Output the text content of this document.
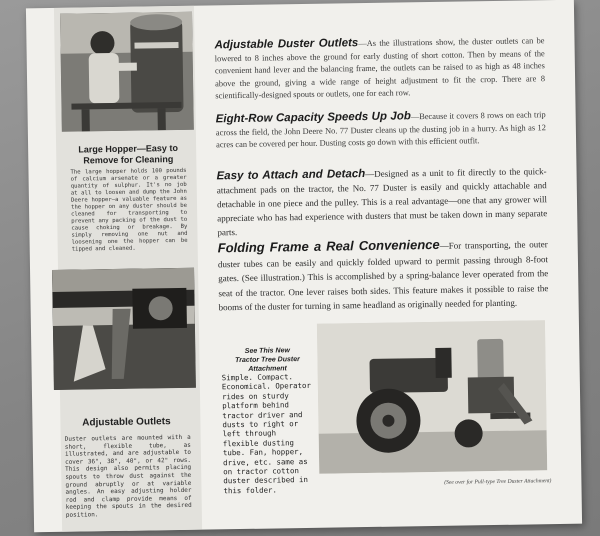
Large Hopper—Easy to
Remove for Cleaning
The large hopper holds 100 pounds of calcium arsenate or a greater quantity of sulphur. It's no job at all to loosen and dump the John Deere hopper—a valuable feature as the hopper on any duster should be cleaned for transporting to prevent any packing of the dust to cause choking or breakage. By simply removing one nut and loosening one the hopper can be tipped and cleaned.
Adjustable Outlets
Duster outlets are mounted with a short, flexible tube, as illustrated, and are adjustable to cover 36", 38", 40", or 42" rows. This design also permits placing spouts to throw dust against the ground abruptly or at variable angles. An easy adjusting holder rod and clamp provide means of keeping the spouts in the desired position.
Adjustable Duster Outlets—As the illustrations show, the duster outlets can be lowered to 8 inches above the ground for early dusting of short cotton. Then by means of the convenient hand lever and the balancing frame, the outlets can be raised to as high as 48 inches above the ground, giving a wide range of height adjustment to fit the crop. There are 8 scientifically-designed spouts or outlets, one for each row.
Eight-Row Capacity Speeds Up Job—Because it covers 8 rows on each trip across the field, the John Deere No. 77 Duster cleans up the dusting job in a hurry. As high as 12 acres can be covered per hour. Dusting costs go down with this efficient outfit.
Easy to Attach and Detach—Designed as a unit to fit directly to the quick-attachment pads on the tractor, the No. 77 Duster is easily and quickly attachable and detachable in one piece and the pulley. This is a real advantage—one that any grower will appreciate who has had experience with dusters that must be taken down in many separate parts.
Folding Frame a Real Convenience—For transporting, the outer duster tubes can be easily and quickly folded upward to permit passing through 8-foot gates. (See illustration.) This is accomplished by a spring-balance lever operated from the seat of the tractor. One lever raises both sides. This feature makes it possible to raise the booms of the duster for turning in same headland as originally needed for planting.
See This New
Tractor Tree Duster
Attachment
Simple. Compact. Economical. Operator rides on sturdy platform behind tractor driver and dusts to right or left through flexible dusting tube. Fan, hopper, drive, etc. same as on tractor cotton duster described in this folder.
(See over for Pull-type Tree Duster Attachment)
